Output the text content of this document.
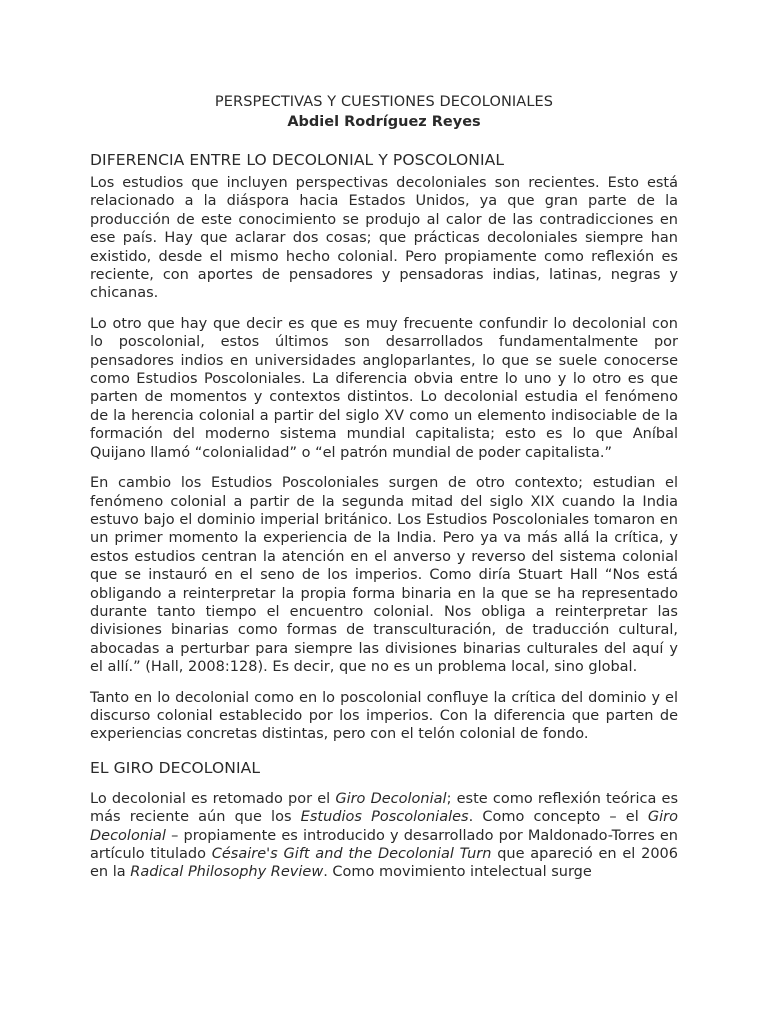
PERSPECTIVAS Y CUESTIONES DECOLONIALES
Abdiel Rodríguez Reyes
DIFERENCIA ENTRE LO DECOLONIAL Y POSCOLONIAL

Los estudios que incluyen perspectivas decoloniales son recientes. Esto está relacionado a la diáspora hacia Estados Unidos, ya que gran parte de la producción de este conocimiento se produjo al calor de las contradicciones en ese país. Hay que aclarar dos cosas; que prácticas decoloniales siempre han existido, desde el mismo hecho colonial. Pero propiamente como reflexión es reciente, con aportes de pensadores y pensadoras indias, latinas, negras y chicanas.

Lo otro que hay que decir es que es muy frecuente confundir lo decolonial con lo poscolonial, estos últimos son desarrollados fundamentalmente por pensadores indios en universidades angloparlantes, lo que se suele conocerse como Estudios Poscoloniales. La diferencia obvia entre lo uno y lo otro es que parten de momentos y contextos distintos. Lo decolonial estudia el fenómeno de la herencia colonial a partir del siglo XV como un elemento indisociable de la formación del moderno sistema mundial capitalista; esto es lo que Aníbal Quijano llamó “colonialidad” o “el patrón mundial de poder capitalista.”

En cambio los Estudios Poscoloniales surgen de otro contexto; estudian el fenómeno colonial a partir de la segunda mitad del siglo XIX cuando la India estuvo bajo el dominio imperial británico. Los Estudios Poscoloniales tomaron en un primer momento la experiencia de la India. Pero ya va más allá la crítica, y estos estudios centran la atención en el anverso y reverso del sistema colonial que se instauró en el seno de los imperios. Como diría Stuart Hall “Nos está obligando a reinterpretar la propia forma binaria en la que se ha representado durante tanto tiempo el encuentro colonial. Nos obliga a reinterpretar las divisiones binarias como formas de transculturación, de traducción cultural, abocadas a perturbar para siempre las divisiones binarias culturales del aquí y el allí.” (Hall, 2008:128). Es decir, que no es un problema local, sino global.

Tanto en lo decolonial como en lo poscolonial confluye la crítica del dominio y el discurso colonial establecido por los imperios. Con la diferencia que parten de experiencias concretas distintas, pero con el telón colonial de fondo.

EL GIRO DECOLONIAL

Lo decolonial es retomado por el Giro Decolonial; este como reflexión teórica es más reciente aún que los Estudios Poscoloniales. Como concepto – el Giro Decolonial – propiamente es introducido y desarrollado por Maldonado-Torres en artículo titulado Césaire's Gift and the Decolonial Turn que apareció en el 2006 en la Radical Philosophy Review. Como movimiento intelectual surge
